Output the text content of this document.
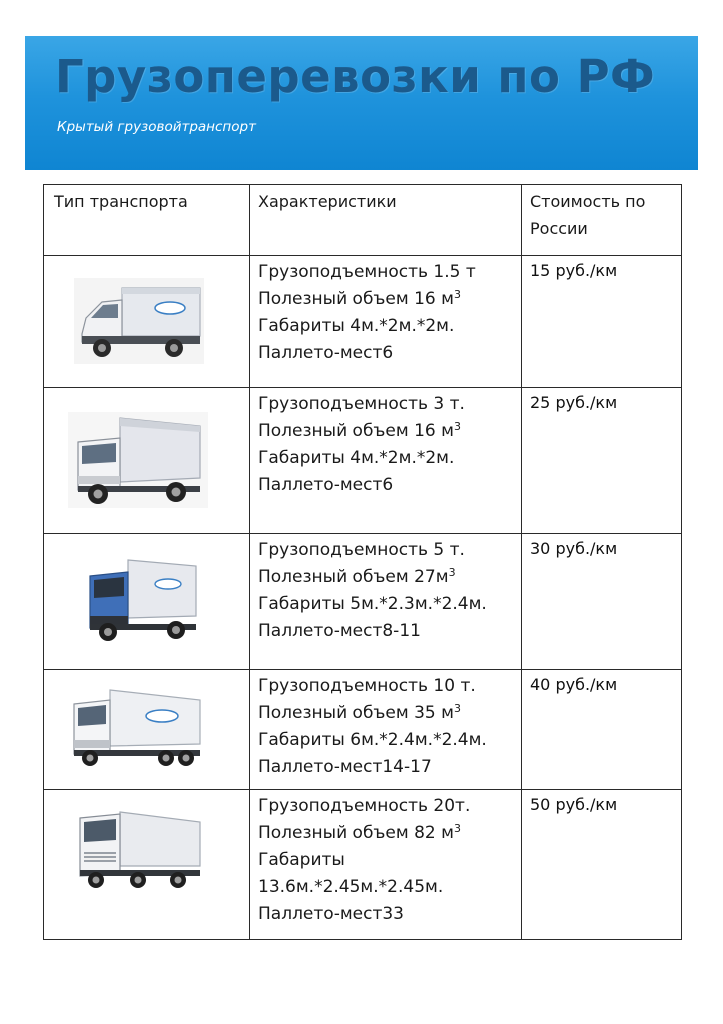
Грузоперевозки по РФ
Крытый грузовойтранспорт
Тип транспорта	Характеристики	Стоимость по
России

Грузоподъемность 1.5 т
Полезный объем 16 $м^3$
Габариты 4м.*2м.*2м.
Паллето-мест6	15 руб./км

Грузоподъемность 3 т.
Полезный объем 16 $м^3$
Габариты 4м.*2м.*2м.
Паллето-мест6	25 руб./км

Грузоподъемность 5 т.
Полезный объем $27м^3$
Габариты 5м.*2.3м.*2.4м.
Паллето-мест8-11	30 руб./км

Грузоподъемность 10 т.
Полезный объем 35 $м^3$
Габариты 6м.*2.4м.*2.4м.
Паллето-мест14-17	40 руб./км

Грузоподъемность 20т.
Полезный объем 82 $м^3$
Габариты
13.6м.*2.45м.*2.45м.
Паллето-мест33	50 руб./км
